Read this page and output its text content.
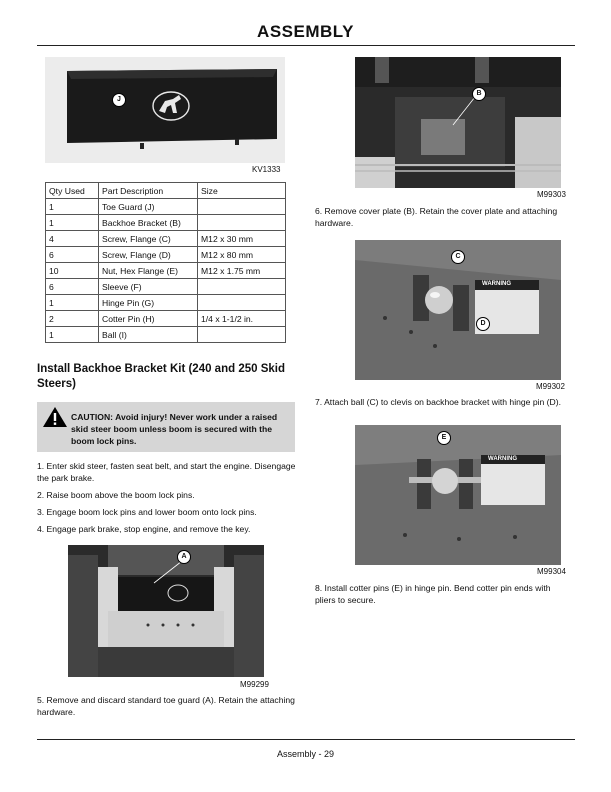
ASSEMBLY
J
KV1333
Qty Used	Part Description	Size
1	Toe Guard (J)	
1	Backhoe Bracket (B)	
4	Screw, Flange (C)	M12 x 30 mm
6	Screw, Flange (D)	M12 x 80 mm
10	Nut, Hex Flange (E)	M12 x 1.75 mm
6	Sleeve (F)	
1	Hinge Pin (G)	
2	Cotter Pin (H)	1/4 x 1-1/2 in.
1	Ball (I)	
Install Backhoe Bracket Kit (240 and 250 Skid Steers)
CAUTION: Avoid injury! Never work under a raised skid steer boom unless boom is secured with the boom lock pins.
1. Enter skid steer, fasten seat belt, and start the engine. Disengage the park brake.
2. Raise boom above the boom lock pins.
3. Engage boom lock pins and lower boom onto lock pins.
4. Engage park brake, stop engine, and remove the key.
A
M99299
5. Remove and discard standard toe guard (A). Retain the attaching hardware.
B
M99303
6. Remove cover plate (B). Retain the cover plate and attaching hardware.
C
D
WARNING
M99302
7. Attach ball (C) to clevis on backhoe bracket with hinge pin (D).
E
WARNING
M99304
8. Install cotter pins (E) in hinge pin. Bend cotter pin ends with pliers to secure.
Assembly - 29
